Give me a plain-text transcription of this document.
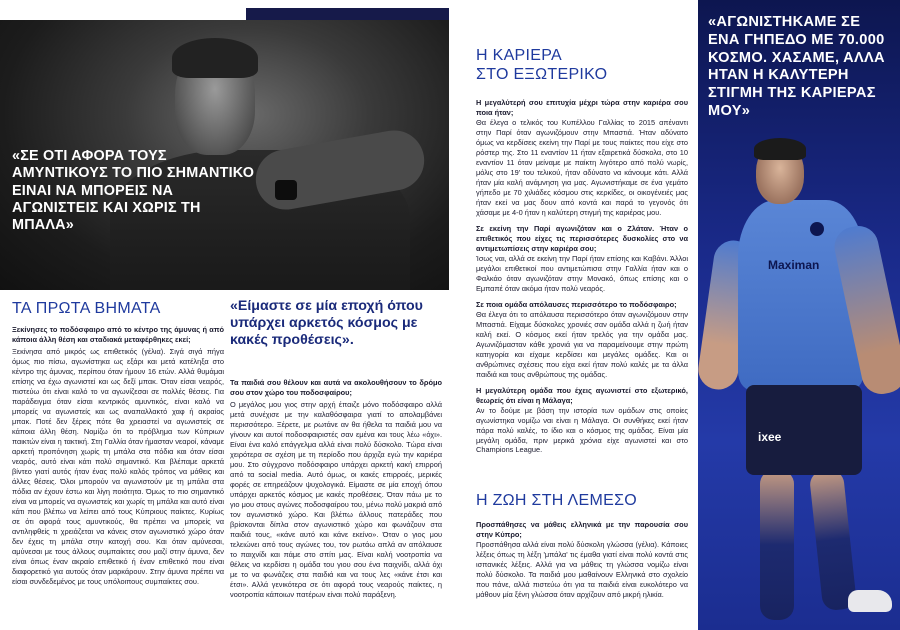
«ΣΕ ΟΤΙ ΑΦΟΡΑ ΤΟΥΣ ΑΜΥΝΤΙΚΟΥΣ ΤΟ ΠΙΟ ΣΗΜΑΝΤΙΚΟ ΕΙΝΑΙ ΝΑ ΜΠΟΡΕΙΣ ΝΑ ΑΓΩΝΙΣΤΕΙΣ ΚΑΙ ΧΩΡΙΣ ΤΗ ΜΠΑΛΑ»
ΤΑ ΠΡΩΤΑ ΒΗΜΑΤΑ

Ξεκίνησες το ποδόσφαιρο από το κέντρο της άμυνας ή από κάποια άλλη θέση και σταδιακά μεταφέρθηκες εκεί;

Ξεκίνησα από μικρός ως επιθετικός (γέλια). Σιγά σιγά πήγα όμως πιο πίσω, αγωνίστηκα ως εξάρι και μετά κατέληξα στο κέντρο της άμυνας, περίπου όταν ήμουν 16 ετών. Αλλά θυμάμαι επίσης να έχω αγωνιστεί και ως δεξί μπακ. Όταν είσαι νεαρός, πιστεύω ότι είναι καλό το να αγωνίζεσαι σε πολλές θέσεις. Για παράδειγμα όταν είσαι κεντρικός αμυντικός, είναι καλό να μπορείς να αγωνιστείς και ως αναπαλλακτό χαφ ή ακραίος μπακ. Ποτέ δεν ξέρεις πότε θα χρειαστεί να αγωνιστείς σε κάποια άλλη θέση. Νομίζω ότι το πρόβλημα των Κύπριων παικτών είναι η τακτική. Στη Γαλλία όταν ήμασταν νεαροί, κάναμε αρκετή προπόνηση χωρίς τη μπάλα στα πόδια και όταν είσαι νεαρός, αυτό είναι κάτι πολύ σημαντικό. Και βλέπαμε αρκετά βίντεο γιατί αυτός ήταν ένας πολύ καλός τρόπος να μάθεις και άλλες θέσεις. Όλοι μπορούν να αγωνιστούν με τη μπάλα στα πόδια αν έχουν έστω και λίγη ποιότητα. Όμως το πιο σημαντικό είναι να μπορείς να αγωνιστείς και χωρίς τη μπάλα και αυτό είναι κάτι που βλέπω να λείπει από τους Κύπριους παίκτες. Κυρίως σε ότι αφορά τους αμυντικούς, θα πρέπει να μπορείς να αντιληφθείς τι χρειάζεται να κάνεις στον αγωνιστικό χώρο όταν δεν έχεις τη μπάλα στην κατοχή σου. Και όταν αμύνεσαι, αμύνεσαι με τους άλλους συμπαίκτες σου μαζί στην άμυνα, δεν είναι όπως έναν ακραίο επιθετικό ή έναν επιθετικό που είναι διαφορετικό για αυτούς όταν μαρκάρουν. Στην άμυνα πρέπει να είσαι συνδεδεμένος με τους υπόλοιπους συμπαίκτες σου.

«Είμαστε σε μία εποχή όπου υπάρχει αρκετός κόσμος με κακές προθέσεις».

Τα παιδιά σου θέλουν και αυτά να ακολουθήσουν το δρόμο σου στον χώρο του ποδοσφαίρου;

Ο μεγάλος μου γιος στην αρχή έπαιζε μόνο ποδόσφαιρο αλλά μετά συνέχισε με την καλαθόσφαιρα γιατί το απολαμβάνει περισσότερο. Ξέρετε, με ρωτάνε αν θα ήθελα τα παιδιά μου να γίνουν και αυτοί ποδοσφαιριστές σαν εμένα και τους λέω «όχι». Είναι ένα καλό επάγγελμα αλλά είναι πολύ δύσκολο. Τώρα είναι χειρότερα σε σχέση με τη περίοδο που άρχιζα εγώ την καριέρα μου. Στο σύγχρονο ποδόσφαιρο υπάρχει αρκετή κακή επιρροή από τα social media. Αυτό όμως, οι κακές επιρροές, μερικές φορές σε επηρεάζουν ψυχολογικά. Είμαστε σε μία εποχή όπου υπάρχει αρκετός κόσμος με κακές προθέσεις. Όταν πάω με το γιο μου στους αγώνες ποδοσφαίρου του, μένω πολύ μακριά από τον αγωνιστικό χώρο. Και βλέπω άλλους πατεράδες που βρίσκονται δίπλα στον αγωνιστικό χώρο και φωνάζουν στα παιδιά τους, «κάνε αυτό και κάνε εκείνο». Όταν ο γιος μου τελειώνει από τους αγώνες του, τον ρωτάω απλά αν απόλαυσε το παιχνίδι και πάμε στο σπίτι μας. Είναι καλή νοοτροπία να θέλεις να κερδίσει η ομάδα του γιου σου ένα παιχνίδι, αλλά όχι με το να φωνάζεις στα παιδιά και να τους λες «κάνε έτσι και έτσι». Αλλά γενικότερα σε ότι αφορά τους νεαρούς παίκτες, η νοοτροπία κάποιων πατέρων είναι πολύ παράξενη.

Η ΚΑΡΙΕΡΑ
ΣΤΟ ΕΞΩΤΕΡΙΚΟ

Η μεγαλύτερή σου επιτυχία μέχρι τώρα στην καριέρα σου ποια ήταν;
Θα έλεγα ο τελικός του Κυπέλλου Γαλλίας το 2015 απέναντι στην Παρί όταν αγωνιζόμουν στην Μπαστιά. Ήταν αδύνατο όμως να κερδίσεις εκείνη την Παρί με τους παίκτες που είχε στο ρόστερ της. Στο 11 εναντίον 11 ήταν εξαιρετικά δύσκολα, στο 10 εναντίον 11 όταν μείναμε με παίκτη λιγότερο από πολύ νωρίς, μόλις στο 19' του τελικού, ήταν αδύνατο να κάνουμε κάτι. Αλλά ήταν μία καλή ανάμνηση για μας. Αγωνιστήκαμε σε ένα γεμάτο γήπεδο με 70 χιλιάδες κόσμου στις κερκίδες, οι οικογένειές μας ήταν εκεί να μας δουν από κοντά και παρά το γεγονός ότι χάσαμε με 4-0 ήταν η καλύτερη στιγμή της καριέρας μου.

Σε εκείνη την Παρί αγωνιζόταν και ο Ζλάταν. Ήταν ο επιθετικός που είχες τις περισσότερες δυσκολίες στο να αντιμετωπίσεις στην καριέρα σου;
Ίσως ναι, αλλά σε εκείνη την Παρί ήταν επίσης και Καβάνι. Άλλοι μεγάλοι επιθετικοί που αντιμετώπισα στην Γαλλία ήταν και ο Φαλκάο όταν αγωνιζόταν στην Μονακό, όπως επίσης και ο Εμπαπέ όταν ακόμα ήταν πολύ νεαρός.

Σε ποια ομάδα απόλαυσες περισσότερο το ποδόσφαιρο;
Θα έλεγα ότι το απόλαυσα περισσότερο όταν αγωνιζόμουν στην Μπαστιά. Είχαμε δύσκολες χρονιές σαν ομάδα αλλά η ζωή ήταν καλή εκεί. Ο κόσμος εκεί ήταν τρελός για την ομάδα μας. Αγωνιζόμασταν κάθε χρονιά για να παραμείνουμε στην πρώτη κατηγορία και είχαμε κερδίσει και μεγάλες ομάδες. Και οι ανθρώπινες σχέσεις που είχα εκεί ήταν πολύ καλές με τα άλλα παιδιά και τους ανθρώπους της ομάδας.

Η μεγαλύτερη ομάδα που έχεις αγωνιστεί στο εξωτερικό, θεωρείς ότι είναι η Μάλαγα;
Αν το δούμε με βάση την ιστορία των ομάδων στις οποίες αγωνίστηκα νομίζω ναι είναι η Μάλαγα. Οι συνθήκες εκεί ήταν πάρα πολύ καλές, το ίδιο και ο κόσμος της ομάδας. Είναι μία μεγάλη ομάδα, πριν μερικά χρόνια είχε αγωνιστεί και στο Champions League.

Η ΖΩΗ ΣΤΗ ΛΕΜΕΣΟ

Προσπάθησες να μάθεις ελληνικά με την παρουσία σου στην Κύπρο;
Προσπάθησα αλλά είναι πολύ δύσκολη γλώσσα (γέλια). Κάποιες λέξεις όπως τη λέξη 'μπάλα' τις έμαθα γιατί είναι πολύ κοντά στις ισπανικές λέξεις. Αλλά για να μάθεις τη γλώσσα νομίζω είναι πολύ δύσκολο. Τα παιδιά μου μαθαίνουν Ελληνικά στο σχολείο που πάνε, αλλά πιστεύω ότι για τα παιδιά είναι ευκολότερο να μάθουν μία ξένη γλώσσα όταν αρχίζουν από μικρή ηλικία.

«ΑΓΩΝΙΣΤΗΚΑΜΕ ΣΕ ΕΝΑ ΓΗΠΕΔΟ ΜΕ 70.000 ΚΟΣΜΟ. ΧΑΣΑΜΕ, ΑΛΛΑ ΗΤΑΝ Η ΚΑΛΥΤΕΡΗ ΣΤΙΓΜΗ ΤΗΣ ΚΑΡΙΕΡΑΣ ΜΟΥ»
Maximan
ixee
